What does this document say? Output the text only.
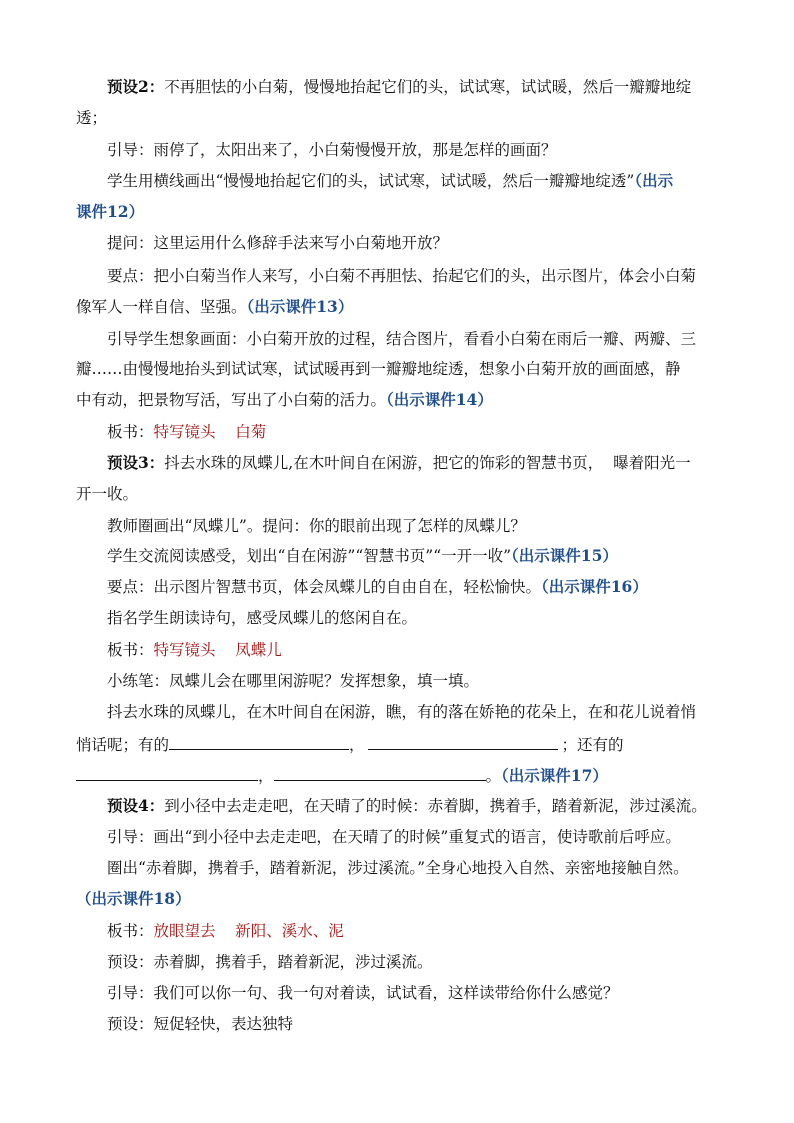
预设2：不再胆怯的小白菊，慢慢地抬起它们的头，试试寒，试试暖，然后一瓣瓣地绽
透；
引导：雨停了，太阳出来了，小白菊慢慢开放，那是怎样的画面？
学生用横线画出“慢慢地抬起它们的头，试试寒，试试暖，然后一瓣瓣地绽透”（出示
课件12）
提问：这里运用什么修辞手法来写小白菊地开放？
要点：把小白菊当作人来写，小白菊不再胆怯、抬起它们的头，出示图片，体会小白菊
像军人一样自信、坚强。（出示课件13）
引导学生想象画面：小白菊开放的过程，结合图片，看看小白菊在雨后一瓣、两瓣、三
瓣……由慢慢地抬头到试试寒，试试暖再到一瓣瓣地绽透，想象小白菊开放的画面感，静
中有动，把景物写活，写出了小白菊的活力。（出示课件14）
板书：特写镜头    白菊
预设3：抖去水珠的凤蝶儿,在木叶间自在闲游，把它的饰彩的智慧书页，  曝着阳光一
开一收。
教师圈画出“凤蝶儿”。提问：你的眼前出现了怎样的凤蝶儿？
学生交流阅读感受，划出“自在闲游”“智慧书页”“一开一收”（出示课件15）
要点：出示图片智慧书页，体会凤蝶儿的自由自在，轻松愉快。（出示课件16）
指名学生朗读诗句，感受凤蝶儿的悠闲自在。
板书：特写镜头    凤蝶儿
小练笔：凤蝶儿会在哪里闲游呢？发挥想象，填一填。
抖去水珠的凤蝶儿，在木叶间自在闲游，瞧，有的落在娇艳的花朵上，在和花儿说着悄
悄话呢；有的	，	；还有的
，	。（出示课件17）
预设4：到小径中去走走吧，在天晴了的时候：赤着脚，携着手，踏着新泥，涉过溪流。
引导：画出“到小径中去走走吧，在天晴了的时候”重复式的语言，使诗歌前后呼应。
圈出“赤着脚，携着手，踏着新泥，涉过溪流。”全身心地投入自然、亲密地接触自然。
（出示课件18）
板书：放眼望去    新阳、溪水、泥
预设：赤着脚，携着手，踏着新泥，涉过溪流。
引导：我们可以你一句、我一句对着读，试试看，这样读带给你什么感觉？
预设：短促轻快，表达独特
